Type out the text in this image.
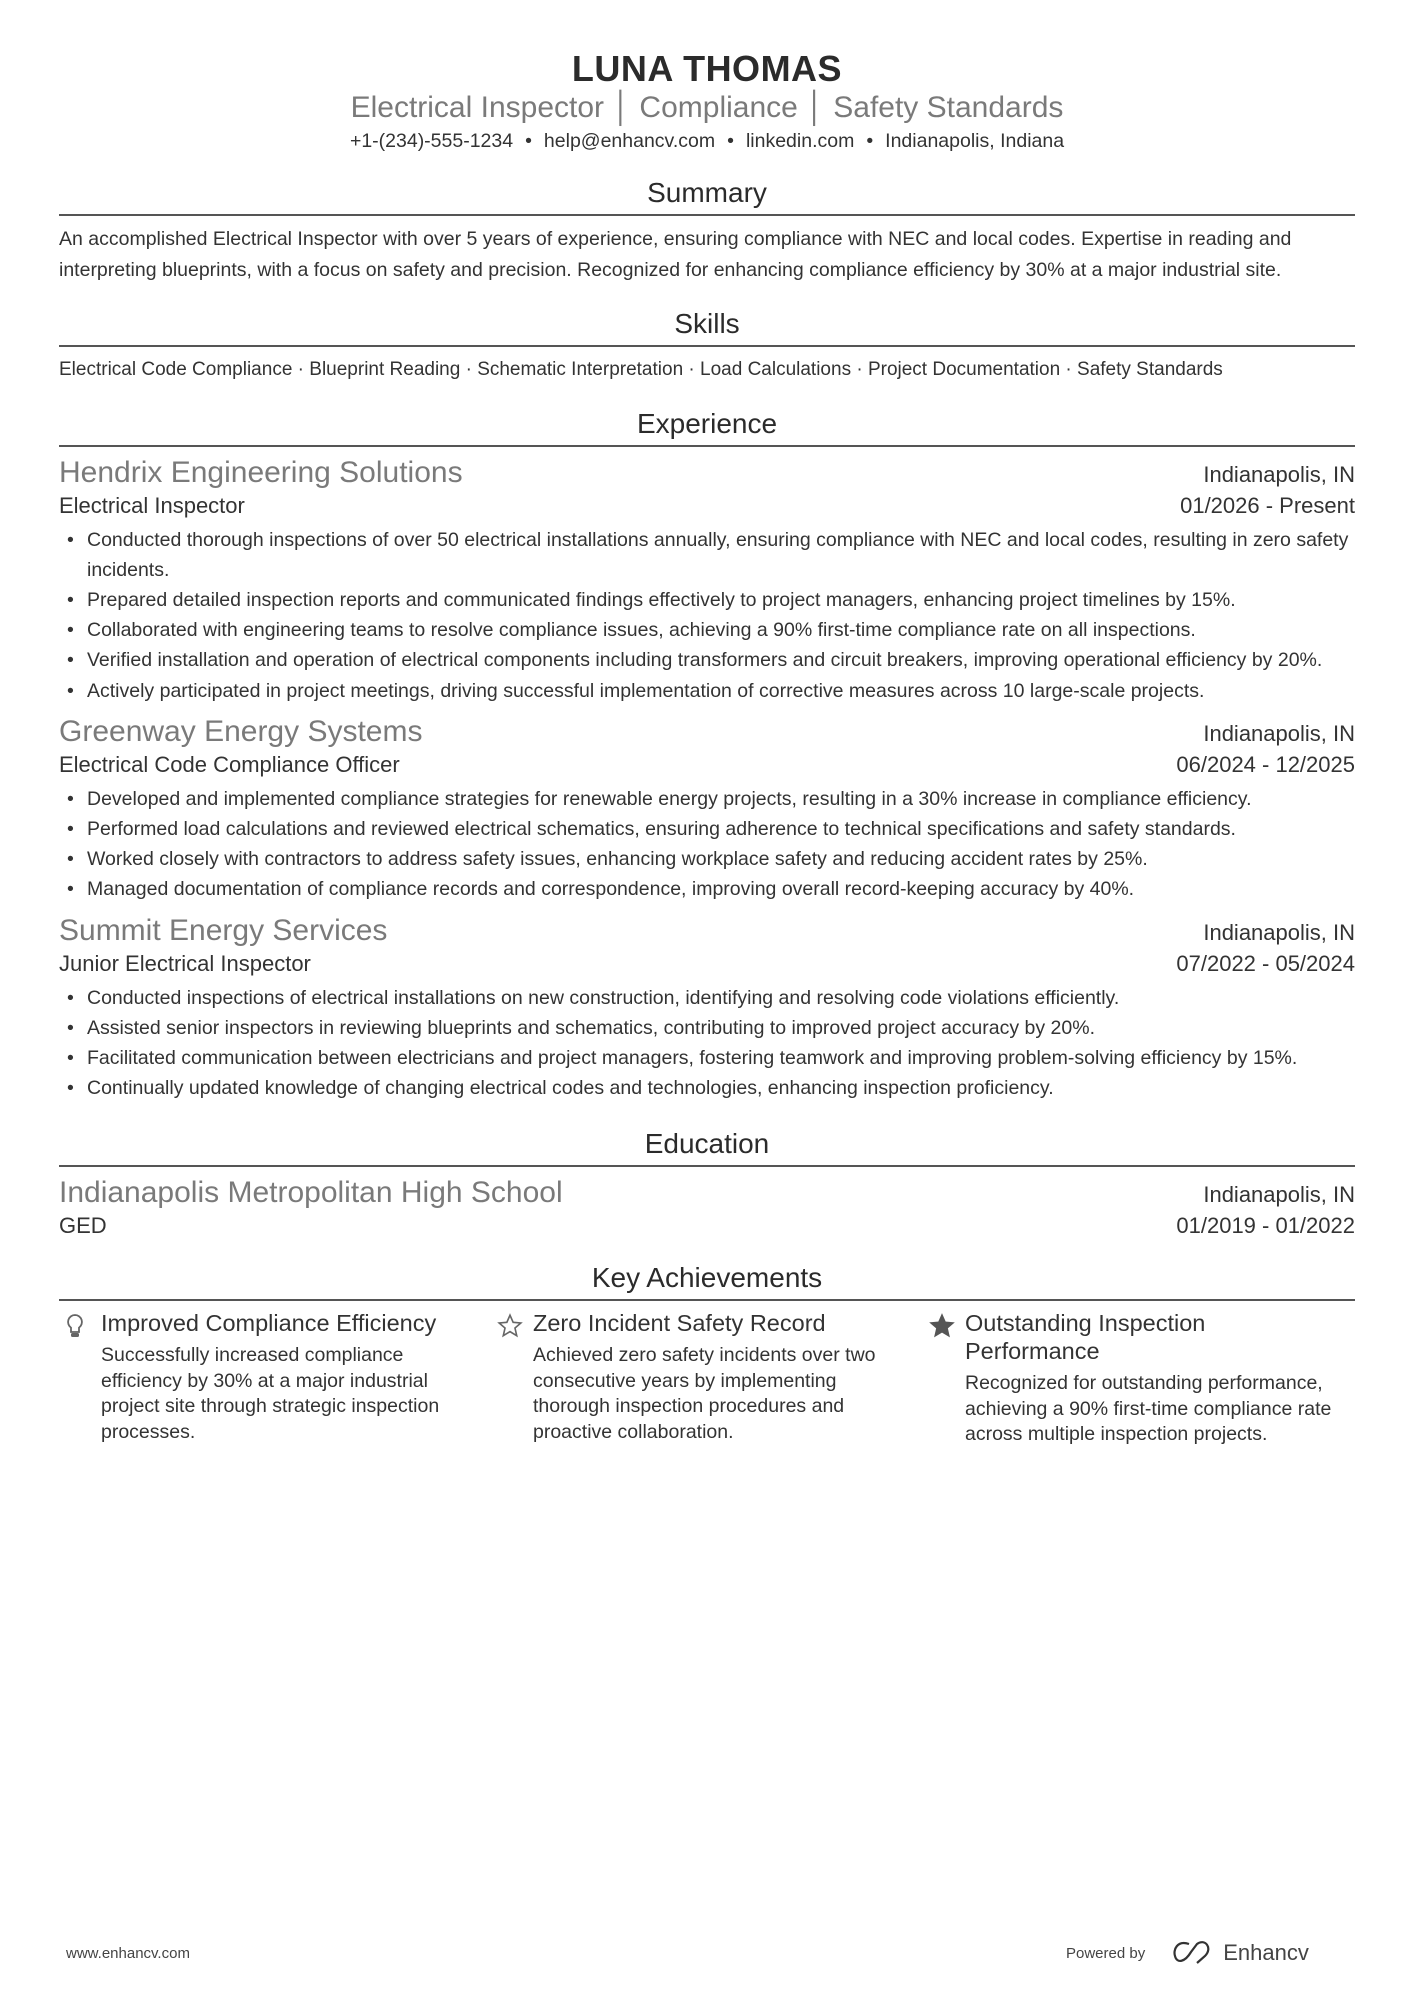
LUNA THOMAS
Electrical Inspector │ Compliance │ Safety Standards
+1-(234)-555-1234 • help@enhancv.com • linkedin.com • Indianapolis, Indiana
Summary

An accomplished Electrical Inspector with over 5 years of experience, ensuring compliance with NEC and local codes. Expertise in reading and interpreting blueprints, with a focus on safety and precision. Recognized for enhancing compliance efficiency by 30% at a major industrial site.

Skills

Electrical Code Compliance · Blueprint Reading · Schematic Interpretation · Load Calculations · Project Documentation · Safety Standards

Experience
Hendrix Engineering Solutions	Indianapolis, IN
Electrical Inspector	01/2026 - Present
• Conducted thorough inspections of over 50 electrical installations annually, ensuring compliance with NEC and local codes, resulting in zero safety incidents.
• Prepared detailed inspection reports and communicated findings effectively to project managers, enhancing project timelines by 15%.
• Collaborated with engineering teams to resolve compliance issues, achieving a 90% first-time compliance rate on all inspections.
• Verified installation and operation of electrical components including transformers and circuit breakers, improving operational efficiency by 20%.
• Actively participated in project meetings, driving successful implementation of corrective measures across 10 large-scale projects.
Greenway Energy Systems	Indianapolis, IN
Electrical Code Compliance Officer	06/2024 - 12/2025
• Developed and implemented compliance strategies for renewable energy projects, resulting in a 30% increase in compliance efficiency.
• Performed load calculations and reviewed electrical schematics, ensuring adherence to technical specifications and safety standards.
• Worked closely with contractors to address safety issues, enhancing workplace safety and reducing accident rates by 25%.
• Managed documentation of compliance records and correspondence, improving overall record-keeping accuracy by 40%.
Summit Energy Services	Indianapolis, IN
Junior Electrical Inspector	07/2022 - 05/2024
• Conducted inspections of electrical installations on new construction, identifying and resolving code violations efficiently.
• Assisted senior inspectors in reviewing blueprints and schematics, contributing to improved project accuracy by 20%.
• Facilitated communication between electricians and project managers, fostering teamwork and improving problem-solving efficiency by 15%.
• Continually updated knowledge of changing electrical codes and technologies, enhancing inspection proficiency.
Education
Indianapolis Metropolitan High School	Indianapolis, IN
GED	01/2019 - 01/2022
Key Achievements
Improved Compliance Efficiency
Successfully increased compliance efficiency by 30% at a major industrial project site through strategic inspection processes.
Zero Incident Safety Record
Achieved zero safety incidents over two consecutive years by implementing thorough inspection procedures and proactive collaboration.
Outstanding Inspection Performance
Recognized for outstanding performance, achieving a 90% first-time compliance rate across multiple inspection projects.
www.enhancv.com	Powered by	Enhancv
